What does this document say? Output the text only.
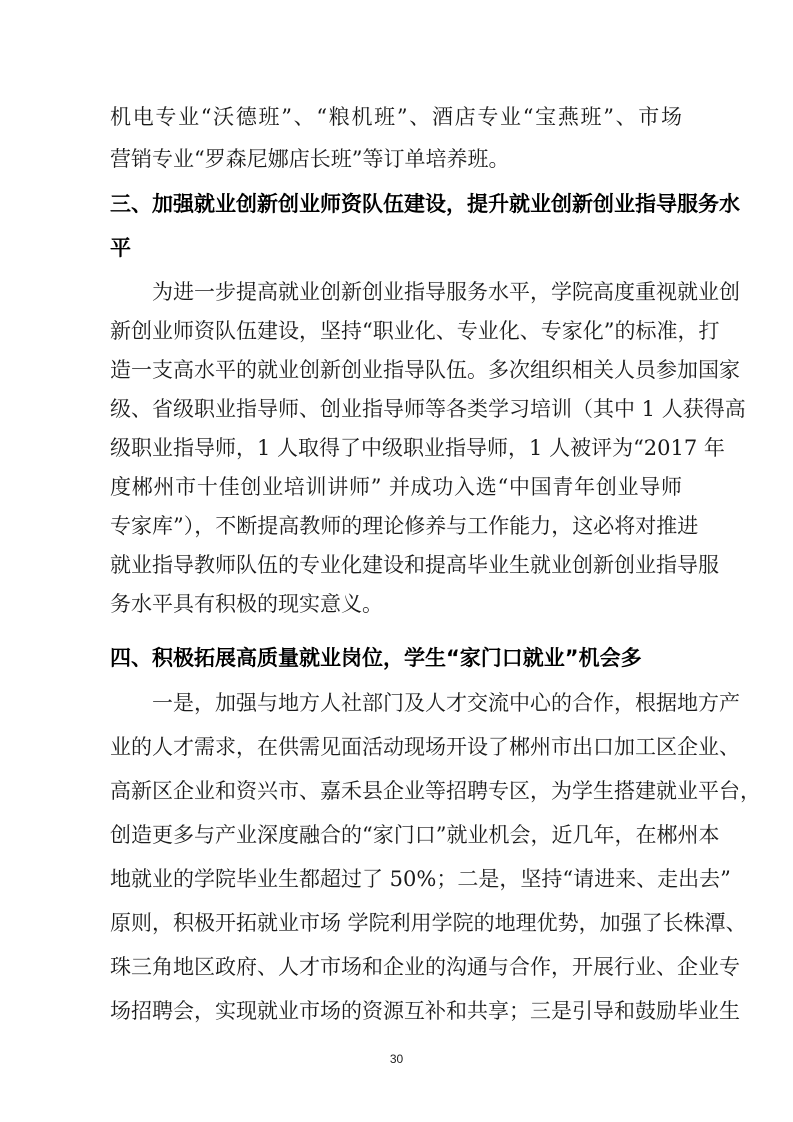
机电专业“沃德班”、“粮机班”、酒店专业“宝燕班”、市场
营销专业“罗森尼娜店长班”等订单培养班。
三、加强就业创新创业师资队伍建设，提升就业创新创业指导服务水
平
为进一步提高就业创新创业指导服务水平，学院高度重视就业创
新创业师资队伍建设，坚持“职业化、专业化、专家化”的标准，打
造一支高水平的就业创新创业指导队伍。多次组织相关人员参加国家
级、省级职业指导师、创业指导师等各类学习培训（其中 1 人获得高
级职业指导师，1 人取得了中级职业指导师，1 人被评为“2017 年
度郴州市十佳创业培训讲师” 并成功入选“中国青年创业导师
专家库”），不断提高教师的理论修养与工作能力，这必将对推进
就业指导教师队伍的专业化建设和提高毕业生就业创新创业指导服
务水平具有积极的现实意义。
四、积极拓展高质量就业岗位，学生“家门口就业”机会多
一是，加强与地方人社部门及人才交流中心的合作，根据地方产
业的人才需求，在供需见面活动现场开设了郴州市出口加工区企业、
高新区企业和资兴市、嘉禾县企业等招聘专区，为学生搭建就业平台，
创造更多与产业深度融合的“家门口”就业机会，近几年，在郴州本
地就业的学院毕业生都超过了 50%；二是，坚持“请进来、走出去”
原则，积极开拓就业市场 学院利用学院的地理优势，加强了长株潭、
珠三角地区政府、人才市场和企业的沟通与合作，开展行业、企业专
场招聘会，实现就业市场的资源互补和共享；三是引导和鼓励毕业生
30
